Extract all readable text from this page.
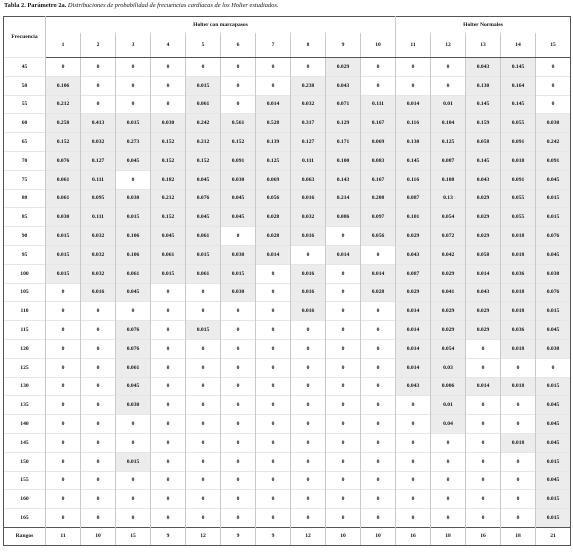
Tabla 2. Parámetro 2a. Distribuciones de probabilidad de frecuencias cardíacas de los Holter estudiados.
Frecuencia	Holter con marcapasos										Holter Normales				
	1	2	3	4	5	6	7	8	9	10	11	12	13	14	15
45	0	0	0	0	0	0	0	0	0.029	0	0	0	0.043	0.145	0
50	0.106	0	0	0	0.015	0	0	0.238	0.043	0	0	0	0.130	0.164	0
55	0.212	0	0	0	0.061	0	0.014	0.032	0.071	0.111	0.014	0.01	0.145	0.145	0
60	0.258	0.413	0.015	0.030	0.242	0.561	0.528	0.317	0.129	0.167	0.116	0.104	0.159	0.055	0.030
65	0.152	0.032	0.273	0.152	0.212	0.152	0.139	0.127	0.171	0.069	0.130	0.125	0.058	0.091	0.242
70	0.076	0.127	0.045	0.152	0.152	0.091	0.125	0.111	0.100	0.083	0.145	0.087	0.145	0.018	0.091
75	0.061	0.111	0	0.182	0.045	0.030	0.069	0.063	0.143	0.167	0.116	0.108	0.043	0.091	0.045
80	0.061	0.095	0.030	0.212	0.076	0.045	0.056	0.016	0.214	0.208	0.087	0.13	0.029	0.055	0.015
85	0.030	0.111	0.015	0.152	0.045	0.045	0.028	0.032	0.086	0.097	0.101	0.054	0.029	0.055	0.015
90	0.015	0.032	0.106	0.045	0.061	0	0.028	0.016	0	0.056	0.029	0.072	0.029	0.018	0.076
95	0.015	0.032	0.106	0.061	0.015	0.030	0.014	0	0.014	0	0.043	0.042	0.058	0.018	0.045
100	0.015	0.032	0.061	0.015	0.061	0.015	0	0.016	0	0.014	0.087	0.029	0.014	0.036	0.030
105	0	0.016	0.045	0	0	0.030	0	0.016	0	0.028	0.029	0.041	0.043	0.018	0.076
110	0	0	0	0	0	0	0	0.016	0	0	0.014	0.029	0.029	0.018	0.015
115	0	0	0.076	0	0.015	0	0	0	0	0	0.014	0.029	0.029	0.036	0.045
120	0	0	0.076	0	0	0	0	0	0	0	0.014	0.054	0	0.018	0.030
125	0	0	0.061	0	0	0	0	0	0	0	0.014	0.03	0	0	0
130	0	0	0.045	0	0	0	0	0	0	0	0.043	0.006	0.014	0.018	0.015
135	0	0	0.030	0	0	0	0	0	0	0	0	0.01	0	0	0.045
140	0	0	0	0	0	0	0	0	0	0	0	0.04	0	0	0.045
145	0	0	0	0	0	0	0	0	0	0	0	0	0	0.018	0.045
150	0	0	0.015	0	0	0	0	0	0	0	0	0	0	0	0.015
155	0	0	0	0	0	0	0	0	0	0	0	0	0	0	0.045
160	0	0	0	0	0	0	0	0	0	0	0	0	0	0	0.015
165	0	0	0	0	0	0	0	0	0	0	0	0	0	0	0.015
Rangos	11	10	15	9	12	9	9	12	10	10	16	18	16	18	21
